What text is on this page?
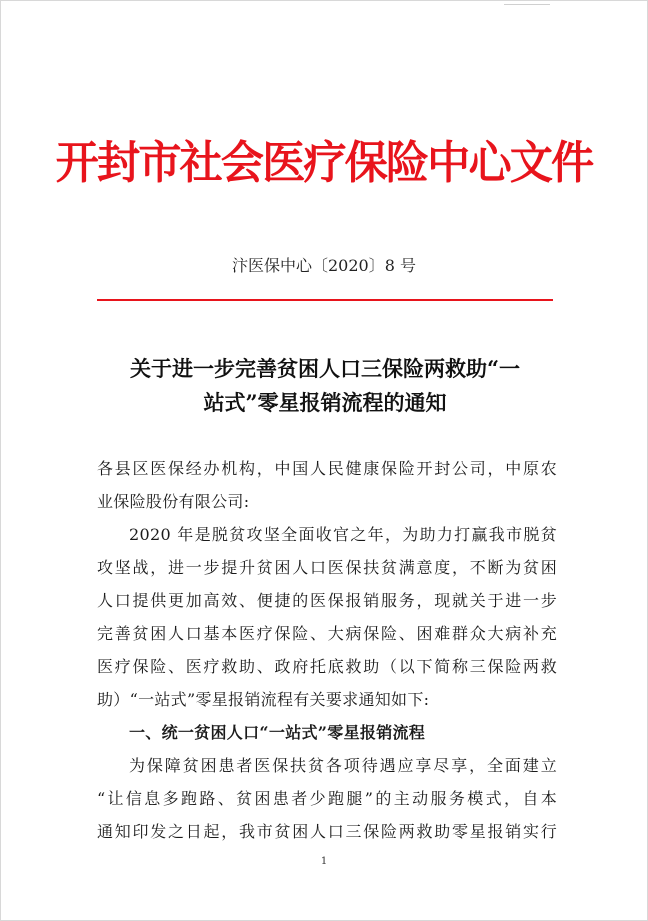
开封市社会医疗保险中心文件
汴医保中心〔2020〕8 号
关于进一步完善贫困人口三保险两救助“一
站式”零星报销流程的通知
各县区医保经办机构，中国人民健康保险开封公司，中原农
业保险股份有限公司:
2020 年是脱贫攻坚全面收官之年，为助力打赢我市脱贫
攻坚战，进一步提升贫困人口医保扶贫满意度，不断为贫困
人口提供更加高效、便捷的医保报销服务，现就关于进一步
完善贫困人口基本医疗保险、大病保险、困难群众大病补充
医疗保险、医疗救助、政府托底救助（以下简称三保险两救
助）“一站式”零星报销流程有关要求通知如下:
一、统一贫困人口“一站式”零星报销流程
为保障贫困患者医保扶贫各项待遇应享尽享，全面建立
“让信息多跑路、贫困患者少跑腿”的主动服务模式，自本
通知印发之日起，我市贫困人口三保险两救助零星报销实行
1
